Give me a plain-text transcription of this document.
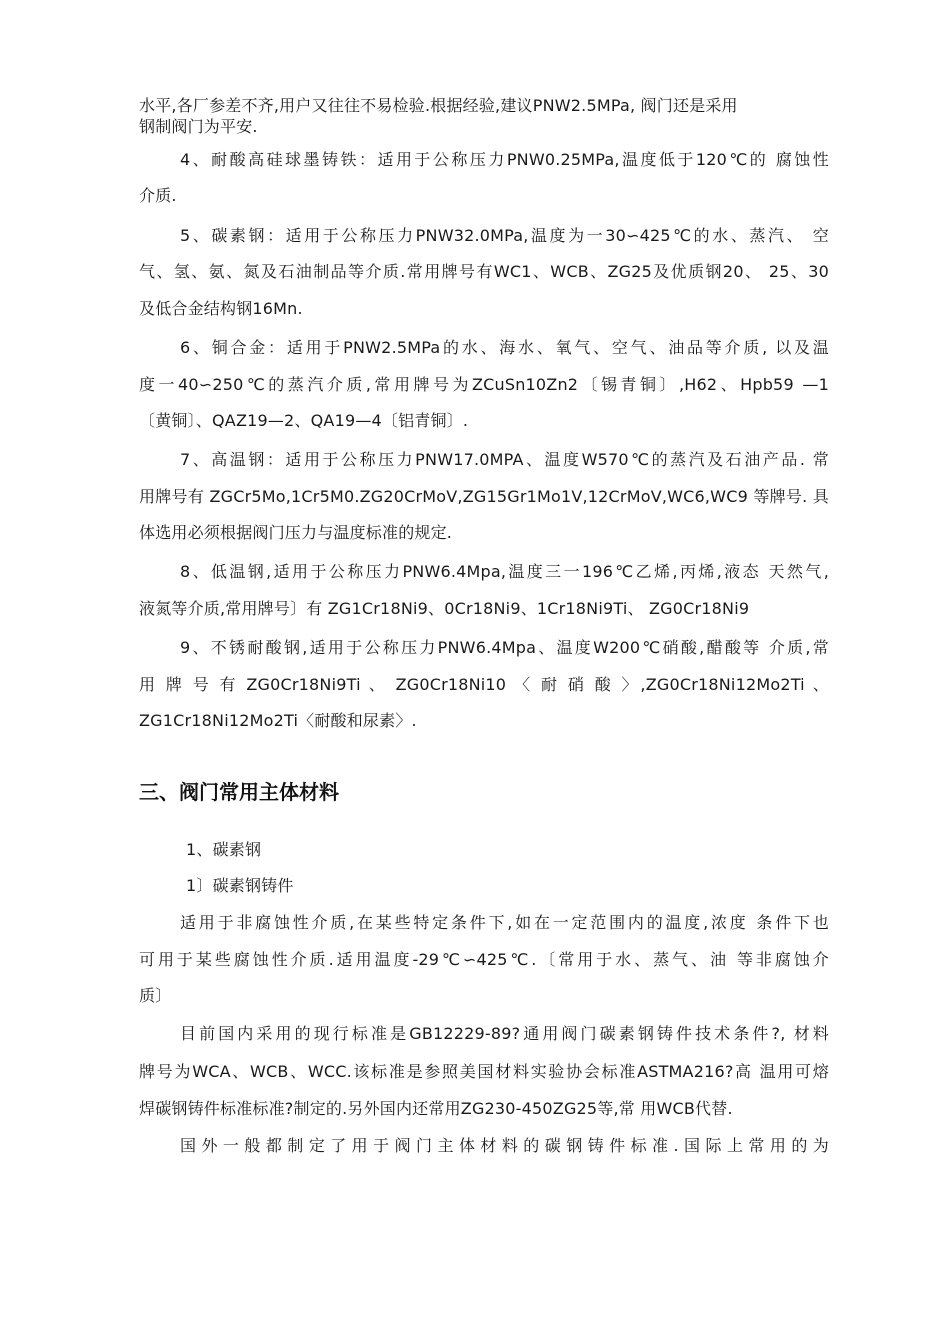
水平,各厂参差不齐,用户又往往不易检验.根据经验,建议PNW2.5MPa, 阀门还是采用
钢制阀门为平安.
4、耐酸高硅球墨铸铁：适用于公称压力PNW0.25MPa,温度低于120℃的 腐蚀性
介质.
5、碳素钢：适用于公称压力PNW32.0MPa,温度为一30∽425℃的水、蒸汽、 空
气、氢、氨、氮及石油制品等介质.常用牌号有WC1、WCB、ZG25及优质钢20、 25、30
及低合金结构钢16Mn.
6、铜合金：适用于PNW2.5MPa的水、海水、氧气、空气、油品等介质, 以及温
度一40∽250℃的蒸汽介质,常用牌号为ZCuSn10Zn2〔锡青铜〕,H62、Hpb59 —1
〔黄铜〕、QAZ19—2、QA19—4〔铝青铜〕.
7、高温钢：适用于公称压力PNW17.0MPA、温度W570℃的蒸汽及石油产品. 常
用牌号有 ZGCr5Mo,1Cr5M0.ZG20CrMoV,ZG15Gr1Mo1V,12CrMoV,WC6,WC9 等牌号. 具
体选用必须根据阀门压力与温度标准的规定.
8、低温钢,适用于公称压力PNW6.4Mpa,温度三一196℃乙烯,丙烯,液态 天然气,
液氮等介质,常用牌号〕有 ZG1Cr18Ni9、0Cr18Ni9、1Cr18Ni9Ti、 ZG0Cr18Ni9
9、不锈耐酸钢,适用于公称压力PNW6.4Mpa、温度W200℃硝酸,醋酸等 介质,常
用 牌 号 有 ZG0Cr18Ni9Ti 、 ZG0Cr18Ni10 〈 耐 硝 酸 〉,ZG0Cr18Ni12Mo2Ti 、
ZG1Cr18Ni12Mo2Ti〈耐酸和尿素〉.
三、阀门常用主体材料
1、碳素钢
1〕碳素钢铸件
适用于非腐蚀性介质,在某些特定条件下,如在一定范围内的温度,浓度 条件下也
可用于某些腐蚀性介质.适用温度-29℃∽425℃.〔常用于水、蒸气、油 等非腐蚀介
质〕
目前国内采用的现行标准是GB12229-89?通用阀门碳素钢铸件技术条件?, 材料
牌号为WCA、WCB、WCC.该标准是参照美国材料实验协会标准ASTMA216?高 温用可熔
焊碳钢铸件标准标准?制定的.另外国内还常用ZG230-450ZG25等,常 用WCB代替.
国外一般都制定了用于阀门主体材料的碳钢铸件标准.国际上常用的为
